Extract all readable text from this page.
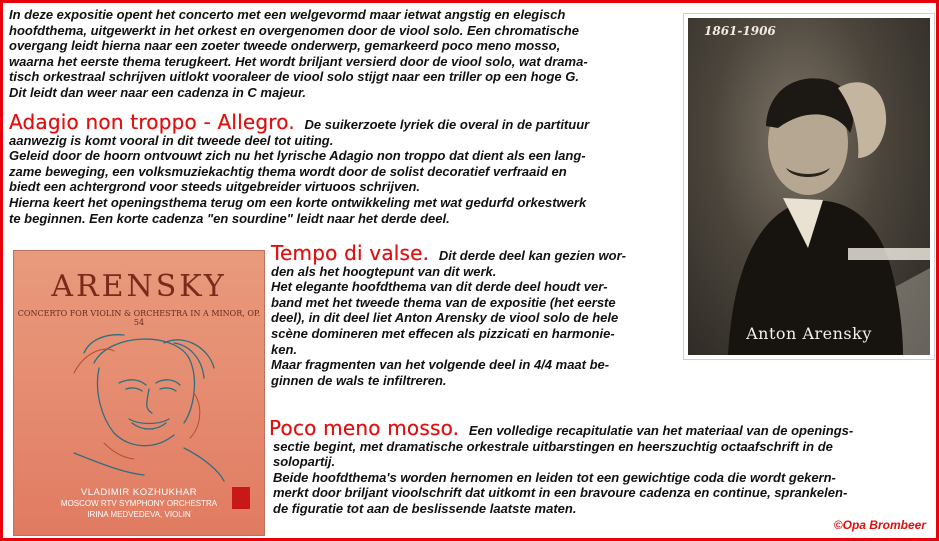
In deze expositie opent het concerto met een welgevormd maar ietwat angstig en elegisch
hoofdthema, uitgewerkt in het orkest en overgenomen door de viool solo. Een chromatische
overgang leidt hierna naar een zoeter tweede onderwerp, gemarkeerd poco meno mosso,
waarna het eerste thema terugkeert. Het wordt briljant versierd door de viool solo, wat drama-
tisch orkestraal schrijven uitlokt vooraleer de viool solo stijgt naar een triller op een hoge G.
Dit leidt dan weer naar een cadenza in C majeur.
Adagio non troppo - Allegro. De suikerzoete lyriek die overal in de partituur
aanwezig is komt vooral in dit tweede deel tot uiting.
Geleid door de hoorn ontvouwt zich nu het lyrische Adagio non troppo dat dient als een lang-
zame beweging, een volksmuziekachtig thema wordt door de solist decoratief verfraaid en
biedt een achtergrond voor steeds uitgebreider virtuoos schrijven.
Hierna keert het openingsthema terug om een korte ontwikkeling met wat gedurfd orkestwerk
te beginnen. Een korte cadenza "en sourdine" leidt naar het derde deel.
Tempo di valse. Dit derde deel kan gezien wor-
den als het hoogtepunt van dit werk.
Het elegante hoofdthema van dit derde deel houdt ver-
band met het tweede thema van de expositie (het eerste
deel), in dit deel liet Anton Arensky de viool solo de hele
scène domineren met effecen als pizzicati en harmonie-
ken.
Maar fragmenten van het volgende deel in 4/4 maat be-
ginnen de wals te infiltreren.
Poco meno mosso. Een volledige recapitulatie van het materiaal van de openings-
sectie begint, met dramatische orkestrale uitbarstingen en heerszuchtig octaafschrift in de
solopartij.
Beide hoofdthema's worden hernomen en leiden tot een gewichtige coda die wordt gekern-
merkt door briljant vioolschrift dat uitkomt in een bravoure cadenza en continue, sprankelen-
de figuratie tot aan de beslissende laatste maten.
ARENSKY
CONCERTO FOR VIOLIN & ORCHESTRA IN A MINOR, OP. 54
VLADIMIR KOZHUKHAR
MOSCOW RTV SYMPHONY ORCHESTRA
IRINA MEDVEDEVA, VIOLIN
1861-1906
Anton Arensky
©Opa Brombeer
